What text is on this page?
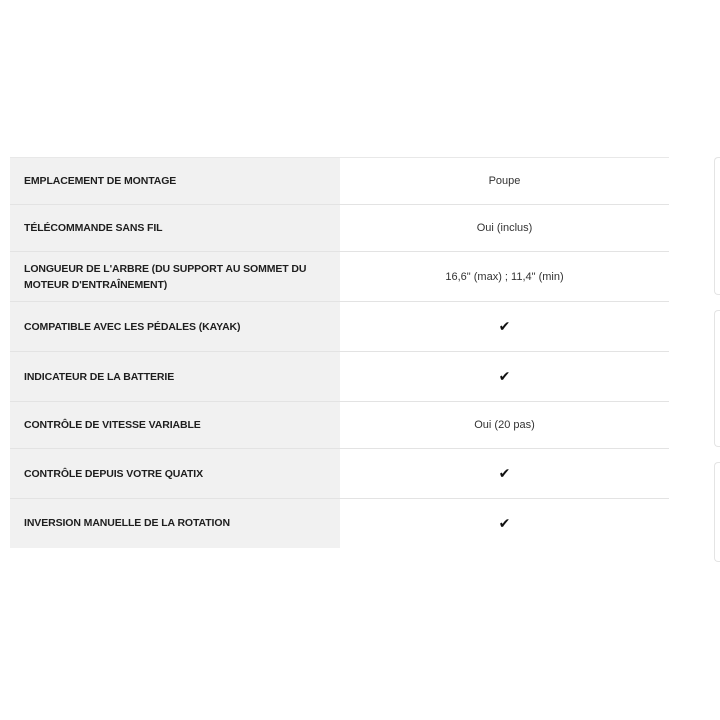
EMPLACEMENT DE MONTAGE	Poupe
TÉLÉCOMMANDE SANS FIL	Oui (inclus)
LONGUEUR DE L'ARBRE (DU SUPPORT AU SOMMET DU MOTEUR D'ENTRAÎNEMENT)	16,6" (max) ; 11,4" (min)
COMPATIBLE AVEC LES PÉDALES (KAYAK)	✔
INDICATEUR DE LA BATTERIE	✔
CONTRÔLE DE VITESSE VARIABLE	Oui (20 pas)
CONTRÔLE DEPUIS VOTRE QUATIX	✔
INVERSION MANUELLE DE LA ROTATION	✔
